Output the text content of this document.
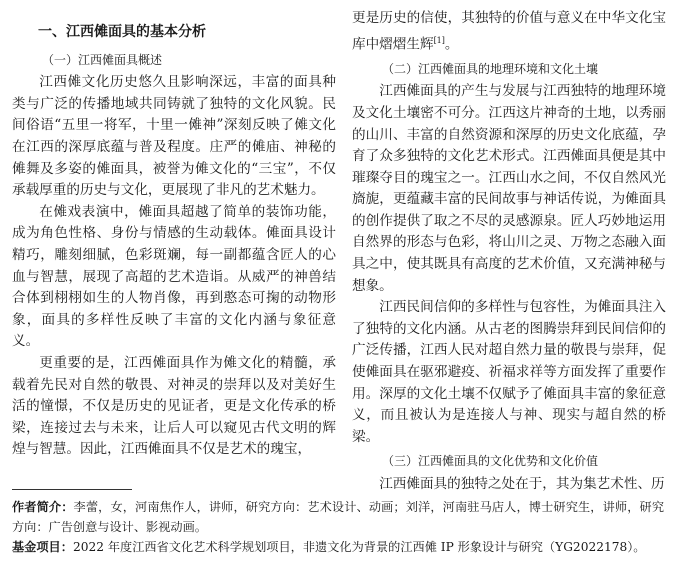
一、江西傩面具的基本分析
（一）江西傩面具概述

江西傩文化历史悠久且影响深远，丰富的面具种类与广泛的传播地域共同铸就了独特的文化风貌。民间俗语“五里一将军，十里一傩神”深刻反映了傩文化在江西的深厚底蕴与普及程度。庄严的傩庙、神秘的傩舞及多姿的傩面具，被誉为傩文化的“三宝”，不仅承载厚重的历史与文化，更展现了非凡的艺术魅力。

在傩戏表演中，傩面具超越了简单的装饰功能，成为角色性格、身份与情感的生动载体。傩面具设计精巧，雕刻细腻，色彩斑斓，每一副都蕴含匠人的心血与智慧，展现了高超的艺术造诣。从威严的神兽结合体到栩栩如生的人物肖像，再到憨态可掬的动物形象，面具的多样性反映了丰富的文化内涵与象征意义。

更重要的是，江西傩面具作为傩文化的精髓，承载着先民对自然的敬畏、对神灵的崇拜以及对美好生活的憧憬，不仅是历史的见证者，更是文化传承的桥梁，连接过去与未来，让后人可以窥见古代文明的辉煌与智慧。因此，江西傩面具不仅是艺术的瑰宝，

更是历史的信使，其独特的价值与意义在中华文化宝库中熠熠生辉[1]。

（二）江西傩面具的地理环境和文化土壤

江西傩面具的产生与发展与江西独特的地理环境及文化土壤密不可分。江西这片神奇的土地，以秀丽的山川、丰富的自然资源和深厚的历史文化底蕴，孕育了众多独特的文化艺术形式。江西傩面具便是其中璀璨夺目的瑰宝之一。江西山水之间，不仅自然风光旖旎，更蕴藏丰富的民间故事与神话传说，为傩面具的创作提供了取之不尽的灵感源泉。匠人巧妙地运用自然界的形态与色彩，将山川之灵、万物之态融入面具之中，使其既具有高度的艺术价值，又充满神秘与想象。

江西民间信仰的多样性与包容性，为傩面具注入了独特的文化内涵。从古老的图腾崇拜到民间信仰的广泛传播，江西人民对超自然力量的敬畏与崇拜，促使傩面具在驱邪避疫、祈福求祥等方面发挥了重要作用。深厚的文化土壤不仅赋予了傩面具丰富的象征意义，而且被认为是连接人与神、现实与超自然的桥梁。

（三）江西傩面具的文化优势和文化价值

江西傩面具的独特之处在于，其为集艺术性、历

作者简介：李蕾，女，河南焦作人，讲师，研究方向：艺术设计、动画；刘洋，河南驻马店人，博士研究生，讲师，研究方向：广告创意与设计、影视动画。

基金项目：2022 年度江西省文化艺术科学规划项目，非遗文化为背景的江西傩 IP 形象设计与研究（YG2022178）。
